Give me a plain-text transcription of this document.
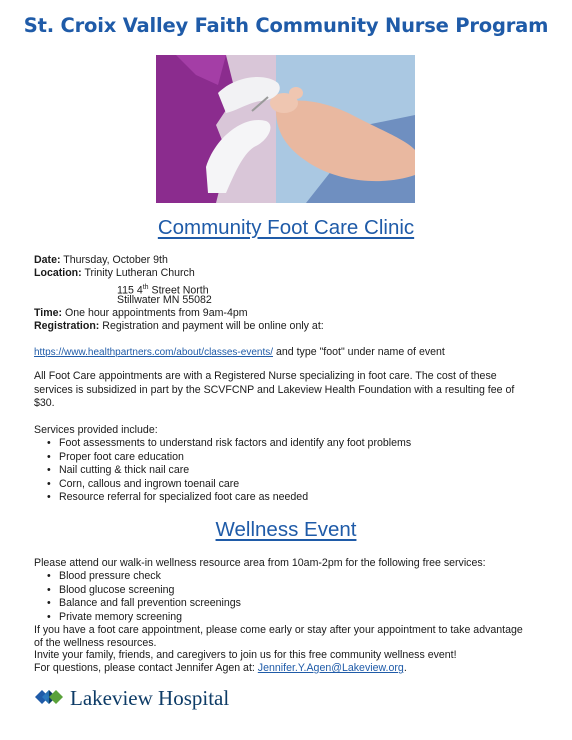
St. Croix Valley Faith Community Nurse Program
Community Foot Care Clinic
Date: Thursday, October 9th
Location: Trinity Lutheran Church
115 4th Street North
Stillwater MN 55082
Time: One hour appointments from 9am-4pm
Registration: Registration and payment will be online only at:
https://www.healthpartners.com/about/classes-events/ and type "foot" under name of event
All Foot Care appointments are with a Registered Nurse specializing in foot care. The cost of these services is subsidized in part by the SCVFCNP and Lakeview Health Foundation with a resulting fee of $30.
Services provided include:
• Foot assessments to understand risk factors and identify any foot problems
• Proper foot care education
• Nail cutting & thick nail care
• Corn, callous and ingrown toenail care
• Resource referral for specialized foot care as needed
Wellness Event
Please attend our walk-in wellness resource area from 10am-2pm for the following free services:
• Blood pressure check
• Blood glucose screening
• Balance and fall prevention screenings
• Private memory screening
If you have a foot care appointment, please come early or stay after your appointment to take advantage of the wellness resources.
Invite your family, friends, and caregivers to join us for this free community wellness event!
For questions, please contact Jennifer Agen at: Jennifer.Y.Agen@Lakeview.org.
Lakeview Hospital
